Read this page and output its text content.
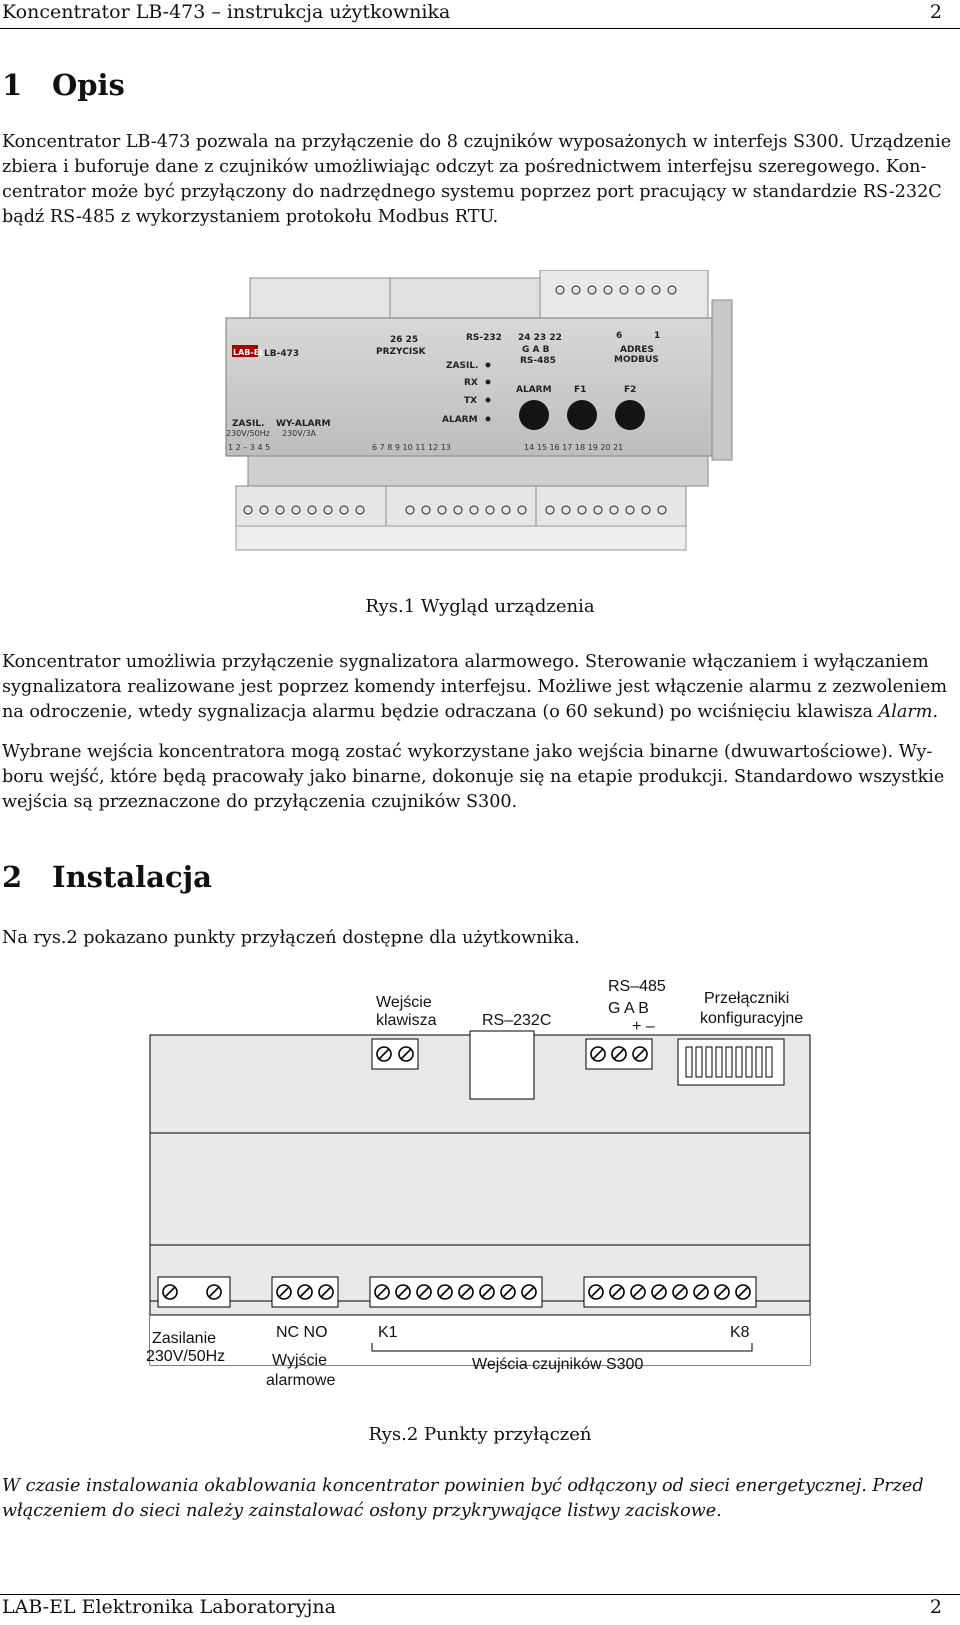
Koncentrator LB-473 – instrukcja użytkownika	2
1 Opis
Koncentrator LB-473 pozwala na przyłączenie do 8 czujników wyposażonych w interfejs S300. Urządzenie
zbiera i buforuje dane z czujników umożliwiając odczyt za pośrednictwem interfejsu szeregowego. Kon-
centrator może być przyłączony do nadrzędnego systemu poprzez port pracujący w standardzie RS-232C
bądź RS-485 z wykorzystaniem protokołu Modbus RTU.
LAB-EL LB-473
26 25
PRZYCISK
RS-232 24 23 22
G A B
RS-485
6	1
ADRES
MODBUS
ZASIL.
RX
TX
ALARM
ALARM F1	F2
ZASIL. WY-ALARM
230V/50Hz 230V/3A
1 2 – 3 4 5	6 7 8 9 10 11 12 13	14 15 16 17 18 19 20 21
Rys.1 Wygląd urządzenia
Koncentrator umożliwia przyłączenie sygnalizatora alarmowego. Sterowanie włączaniem i wyłączaniem
sygnalizatora realizowane jest poprzez komendy interfejsu. Możliwe jest włączenie alarmu z zezwoleniem
na odroczenie, wtedy sygnalizacja alarmu będzie odraczana (o 60 sekund) po wciśnięciu klawisza Alarm.
Wybrane wejścia koncentratora mogą zostać wykorzystane jako wejścia binarne (dwuwartościowe). Wy-
boru wejść, które będą pracowały jako binarne, dokonuje się na etapie produkcji. Standardowo wszystkie
wejścia są przeznaczone do przyłączenia czujników S300.
2 Instalacja
Na rys.2 pokazano punkty przyłączeń dostępne dla użytkownika.
Wejście
klawisza	RS–232C
RS–485
G A B
+ –
Przełączniki
konfiguracyjne
Zasilanie
230V/50Hz
NC NO
Wyjście
alarmowe
K1	K8
Wejścia czujników S300
Rys.2 Punkty przyłączeń
W czasie instalowania okablowania koncentrator powinien być odłączony od sieci energetycznej. Przed
włączeniem do sieci należy zainstalować osłony przykrywające listwy zaciskowe.
LAB-EL Elektronika Laboratoryjna	2
